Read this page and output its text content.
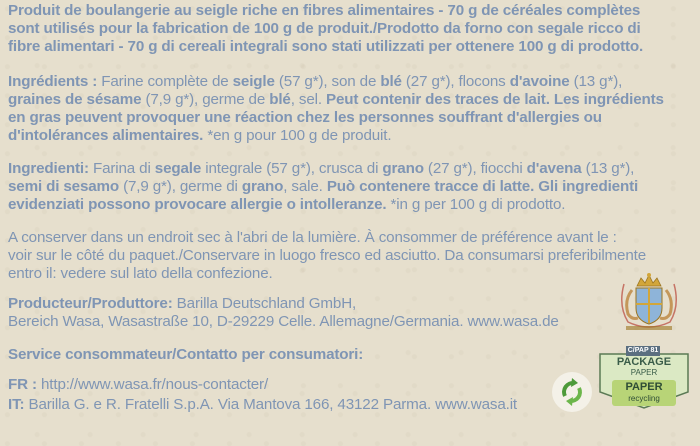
Produit de boulangerie au seigle riche en fibres alimentaires - 70 g de céréales complètes
sont utilisés pour la fabrication de 100 g de produit./Prodotto da forno con segale ricco di
fibre alimentari - 70 g di cereali integrali sono stati utilizzati per ottenere 100 g di prodotto.
Ingrédients : Farine complète de seigle (57 g*), son de blé (27 g*), flocons d'avoine (13 g*),
graines de sésame (7,9 g*), germe de blé, sel. Peut contenir des traces de lait. Les ingrédients
en gras peuvent provoquer une réaction chez les personnes souffrant d'allergies ou
d'intolérances alimentaires. *en g pour 100 g de produit.
Ingredienti: Farina di segale integrale (57 g*), crusca di grano (27 g*), fiocchi d'avena (13 g*),
semi di sesamo (7,9 g*), germe di grano, sale. Può contenere tracce di latte. Gli ingredienti
evidenziati possono provocare allergie o intolleranze. *in g per 100 g di prodotto.
A conserver dans un endroit sec à l'abri de la lumière. À consommer de préférence avant le :
voir sur le côté du paquet./Conservare in luogo fresco ed asciutto. Da consumarsi preferibilmente
entro il: vedere sul lato della confezione.
Producteur/Produttore: Barilla Deutschland GmbH,
Bereich Wasa, Wasastraße 10, D-29229 Celle. Allemagne/Germania. www.wasa.de
Service consommateur/Contatto per consumatori:
FR : http://www.wasa.fr/nous-contacter/
IT: Barilla G. e R. Fratelli S.p.A. Via Mantova 166, 43122 Parma. www.wasa.it
C/PAP 81
PACKAGE
PAPER
PAPER
recycling
